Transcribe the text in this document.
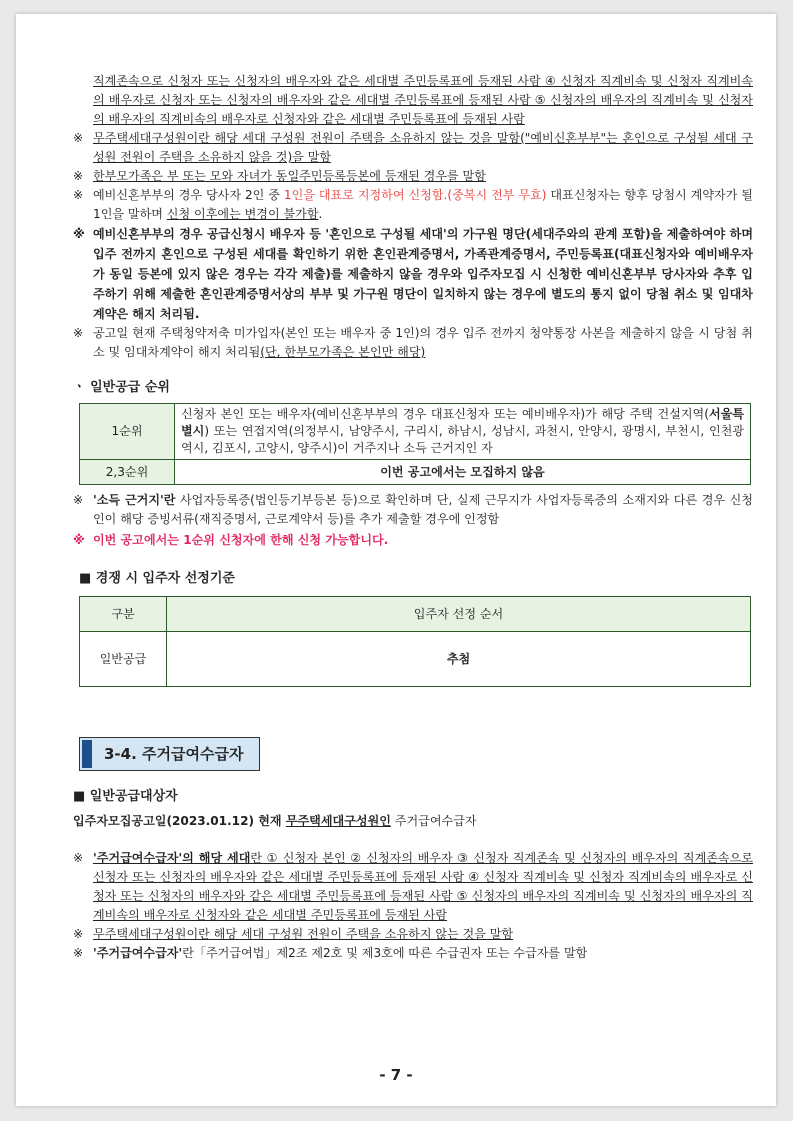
직계존속으로 신청자 또는 신청자의 배우자와 같은 세대별 주민등록표에 등재된 사람 ④ 신청자 직계비속 및 신청자 직계비속의 배우자로 신청자 또는 신청자의 배우자와 같은 세대별 주민등록표에 등재된 사람 ⑤ 신청자의 배우자의 직계비속 및 신청자의 배우자의 직계비속의 배우자로 신청자와 같은 세대별 주민등록표에 등재된 사람

※ 무주택세대구성원이란 해당 세대 구성원 전원이 주택을 소유하지 않는 것을 말함("예비신혼부부"는 혼인으로 구성될 세대 구성원 전원이 주택을 소유하지 않을 것)을 말함

※ 한부모가족은 부 또는 모와 자녀가 동일주민등록등본에 등재된 경우를 말함

※ 예비신혼부부의 경우 당사자 2인 중 1인을 대표로 지정하여 신청함.(중복시 전부 무효) 대표신청자는 향후 당첨시 계약자가 될 1인을 말하며 신청 이후에는 변경이 불가함.

※ 예비신혼부부의 경우 공급신청시 배우자 등 '혼인으로 구성될 세대'의 가구원 명단(세대주와의 관계 포함)을 제출하여야 하며 입주 전까지 혼인으로 구성된 세대를 확인하기 위한 혼인관계증명서, 가족관계증명서, 주민등록표(대표신청자와 예비배우자가 동일 등본에 있지 않은 경우는 각각 제출)를 제출하지 않을 경우와 입주자모집 시 신청한 예비신혼부부 당사자와 추후 입주하기 위해 제출한 혼인관계증명서상의 부부 및 가구원 명단이 일치하지 않는 경우에 별도의 통지 없이 당첨 취소 및 임대차계약은 해지 처리됨.

※ 공고일 현재 주택청약저축 미가입자(본인 또는 배우자 중 1인)의 경우 입주 전까지 청약통장 사본을 제출하지 않을 시 당첨 취소 및 임대차계약이 해지 처리됨(단, 한부모가족은 본인만 해당)

ㆍ 일반공급 순위

1순위	신청자 본인 또는 배우자(예비신혼부부의 경우 대표신청자 또는 예비배우자)가 해당 주택 건설지역(서울특별시) 또는 연접지역(의정부시, 남양주시, 구리시, 하남시, 성남시, 과천시, 안양시, 광명시, 부천시, 인천광역시, 김포시, 고양시, 양주시)이 거주지나 소득 근거지인 자
2,3순위	이번 공고에서는 모집하지 않음

※ '소득 근거지'란 사업자등록증(법인등기부등본 등)으로 확인하며 단, 실제 근무지가 사업자등록증의 소재지와 다른 경우 신청인이 해당 증빙서류(재직증명서, 근로계약서 등)를 추가 제출할 경우에 인정함

※ 이번 공고에서는 1순위 신청자에 한해 신청 가능합니다.

■ 경쟁 시 입주자 선정기준

구분	입주자 선정 순서
일반공급	추첨
3-4. 주거급여수급자

■ 일반공급대상자

입주자모집공고일(2023.01.12) 현재 무주택세대구성원인 주거급여수급자

※ '주거급여수급자'의 해당 세대란 ① 신청자 본인 ② 신청자의 배우자 ③ 신청자 직계존속 및 신청자의 배우자의 직계존속으로 신청자 또는 신청자의 배우자와 같은 세대별 주민등록표에 등재된 사람 ④ 신청자 직계비속 및 신청자 직계비속의 배우자로 신청자 또는 신청자의 배우자와 같은 세대별 주민등록표에 등재된 사람 ⑤ 신청자의 배우자의 직계비속 및 신청자의 배우자의 직계비속의 배우자로 신청자와 같은 세대별 주민등록표에 등재된 사람

※ 무주택세대구성원이란 해당 세대 구성원 전원이 주택을 소유하지 않는 것을 말함

※ '주거급여수급자'란「주거급여법」제2조 제2호 및 제3호에 따른 수급권자 또는 수급자를 말함

- 7 -
